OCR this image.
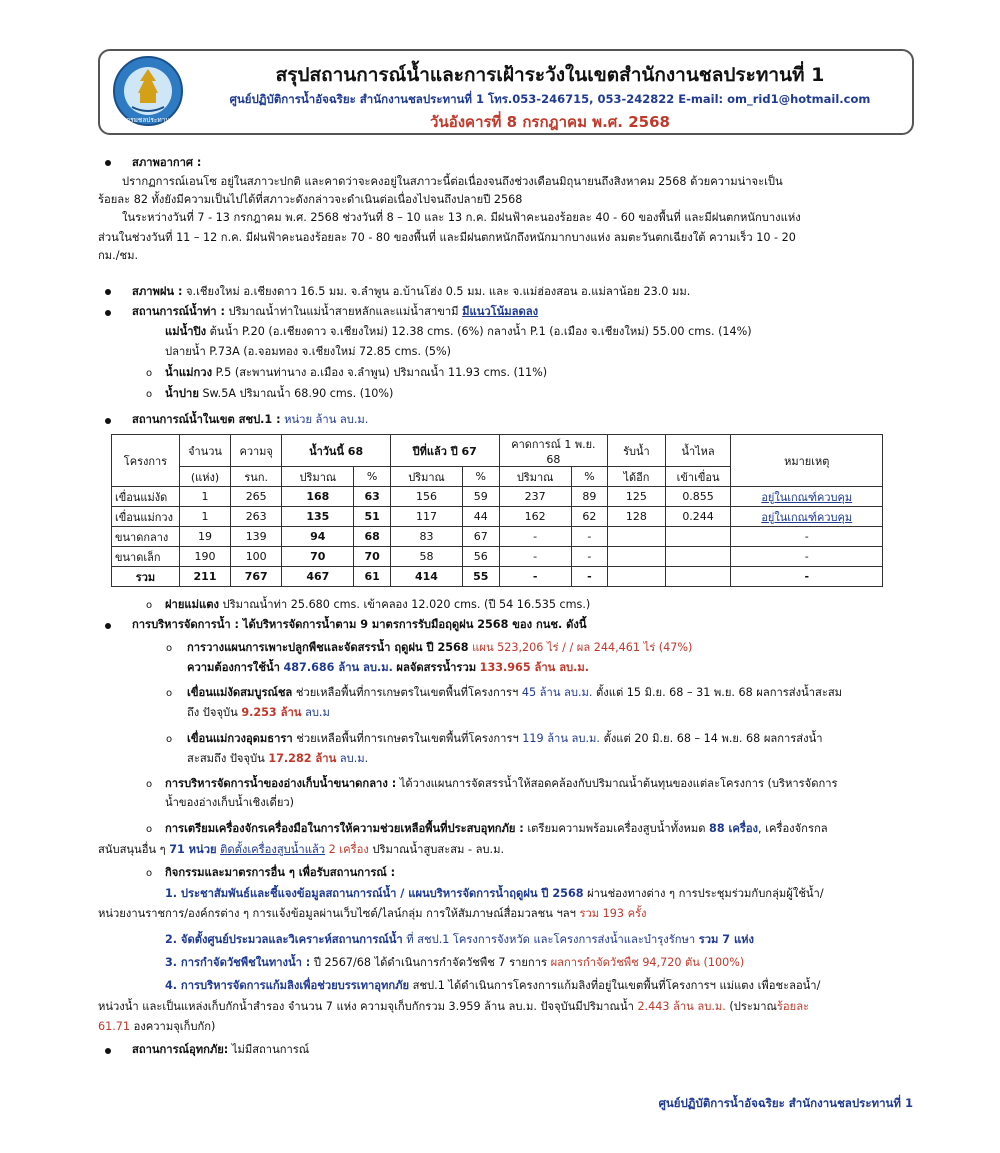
กรมชลประทาน
สรุปสถานการณ์น้ำและการเฝ้าระวังในเขตสำนักงานชลประทานที่ 1
ศูนย์ปฏิบัติการน้ำอัจฉริยะ สำนักงานชลประทานที่ 1 โทร.053-246715, 053-242822 E-mail: om_rid1@hotmail.com
วันอังคารที่ 8 กรกฎาคม พ.ศ. 2568
สภาพอากาศ :
ปรากฏการณ์เอนโซ อยู่ในสภาวะปกติ และคาดว่าจะคงอยู่ในสภาวะนี้ต่อเนื่องจนถึงช่วงเดือนมิถุนายนถึงสิงหาคม 2568 ด้วยความน่าจะเป็น
ร้อยละ 82 ทั้งยังมีความเป็นไปได้ที่สภาวะดังกล่าวจะดำเนินต่อเนื่องไปจนถึงปลายปี 2568
ในระหว่างวันที่ 7 - 13 กรกฎาคม พ.ศ. 2568 ช่วงวันที่ 8 – 10 และ 13 ก.ค. มีฝนฟ้าคะนองร้อยละ 40 - 60 ของพื้นที่ และมีฝนตกหนักบางแห่ง
ส่วนในช่วงวันที่ 11 – 12 ก.ค. มีฝนฟ้าคะนองร้อยละ 70 - 80 ของพื้นที่ และมีฝนตกหนักถึงหนักมากบางแห่ง ลมตะวันตกเฉียงใต้ ความเร็ว 10 - 20
กม./ชม.
สภาพฝน : จ.เชียงใหม่ อ.เชียงดาว 16.5 มม. จ.ลำพูน อ.บ้านโฮ่ง 0.5 มม. และ จ.แม่ฮ่องสอน อ.แม่ลาน้อย 23.0 มม.
สถานการณ์น้ำท่า : ปริมาณน้ำท่าในแม่น้ำสายหลักและแม่น้ำสาขามี มีแนวโน้มลดลง
แม่น้ำปิง ต้นน้ำ P.20 (อ.เชียงดาว จ.เชียงใหม่) 12.38 cms. (6%) กลางน้ำ P.1 (อ.เมือง จ.เชียงใหม่) 55.00 cms. (14%)
ปลายน้ำ P.73A (อ.จอมทอง จ.เชียงใหม่ 72.85 cms. (5%)
o น้ำแม่กวง P.5 (สะพานท่านาง อ.เมือง จ.ลำพูน) ปริมาณน้ำ 11.93 cms. (11%)
o น้ำปาย Sw.5A ปริมาณน้ำ 68.90 cms. (10%)
สถานการณ์น้ำในเขต สชป.1 : หน่วย ล้าน ลบ.ม.
โครงการ	จำนวน	ความจุ	น้ำวันนี้ 68		ปีที่แล้ว ปี 67		คาดการณ์ 1 พ.ย. 68		รับน้ำ	น้ำไหล	หมายเหตุ
	(แห่ง)	รนก.	ปริมาณ	%	ปริมาณ	%	ปริมาณ	%	ได้อีก	เข้าเขื่อน	
เขื่อนแม่งัด	1	265	168	63	156	59	237	89	125	0.855	อยู่ในเกณฑ์ควบคุม
เขื่อนแม่กวง	1	263	135	51	117	44	162	62	128	0.244	อยู่ในเกณฑ์ควบคุม
ขนาดกลาง	19	139	94	68	83	67	-	-			-
ขนาดเล็ก	190	100	70	70	58	56	-	-			-
รวม	211	767	467	61	414	55	-	-			-
o ฝายแม่แตง ปริมาณน้ำท่า 25.680 cms. เข้าคลอง 12.020 cms. (ปี 54 16.535 cms.)
การบริหารจัดการน้ำ : ได้บริหารจัดการน้ำตาม 9 มาตรการรับมือฤดูฝน 2568 ของ กนช. ดังนี้
o การวางแผนการเพาะปลูกพืชและจัดสรรน้ำ ฤดูฝน ปี 2568 แผน 523,206 ไร่ / / ผล 244,461 ไร่ (47%)
ความต้องการใช้น้ำ 487.686 ล้าน ลบ.ม. ผลจัดสรรน้ำรวม 133.965 ล้าน ลบ.ม.
o เขื่อนแม่งัดสมบูรณ์ชล ช่วยเหลือพื้นที่การเกษตรในเขตพื้นที่โครงการฯ 45 ล้าน ลบ.ม. ตั้งแต่ 15 มิ.ย. 68 – 31 พ.ย. 68 ผลการส่งน้ำสะสม
ถึง ปัจจุบัน 9.253 ล้าน ลบ.ม
o เขื่อนแม่กวงอุดมธารา ช่วยเหลือพื้นที่การเกษตรในเขตพื้นที่โครงการฯ 119 ล้าน ลบ.ม. ตั้งแต่ 20 มิ.ย. 68 – 14 พ.ย. 68 ผลการส่งน้ำ
สะสมถึง ปัจจุบัน 17.282 ล้าน ลบ.ม.
o การบริหารจัดการน้ำของอ่างเก็บน้ำขนาดกลาง : ได้วางแผนการจัดสรรน้ำให้สอดคล้องกับปริมาณน้ำต้นทุนของแต่ละโครงการ (บริหารจัดการ
น้ำของอ่างเก็บน้ำเชิงเดี่ยว)
o การเตรียมเครื่องจักรเครื่องมือในการให้ความช่วยเหลือพื้นที่ประสบอุทกภัย : เตรียมความพร้อมเครื่องสูบน้ำทั้งหมด 88 เครื่อง, เครื่องจักรกล
สนับสนุนอื่น ๆ 71 หน่วย ติดตั้งเครื่องสูบน้ำแล้ว 2 เครื่อง ปริมาณน้ำสูบสะสม - ลบ.ม.
o กิจกรรมและมาตรการอื่น ๆ เพื่อรับสถานการณ์ :
1. ประชาสัมพันธ์และชี้แจงข้อมูลสถานการณ์น้ำ / แผนบริหารจัดการน้ำฤดูฝน ปี 2568 ผ่านช่องทางต่าง ๆ การประชุมร่วมกับกลุ่มผู้ใช้น้ำ/
หน่วยงานราชการ/องค์กรต่าง ๆ การแจ้งข้อมูลผ่านเว็บไซต์/ไลน์กลุ่ม การให้สัมภาษณ์สื่อมวลชน ฯลฯ รวม 193 ครั้ง
2. จัดตั้งศูนย์ประมวลและวิเคราะห์สถานการณ์น้ำ ที่ สชป.1 โครงการจังหวัด และโครงการส่งน้ำและบำรุงรักษา รวม 7 แห่ง
3. การกำจัดวัชพืชในทางน้ำ : ปี 2567/68 ได้ดำเนินการกำจัดวัชพืช 7 รายการ ผลการกำจัดวัชพืช 94,720 ตัน (100%)
4. การบริหารจัดการแก้มลิงเพื่อช่วยบรรเทาอุทกภัย สชป.1 ได้ดำเนินการโครงการแก้มลิงที่อยู่ในเขตพื้นที่โครงการฯ แม่แตง เพื่อชะลอน้ำ/
หน่วงน้ำ และเป็นแหล่งเก็บกักน้ำสำรอง จำนวน 7 แห่ง ความจุเก็บกักรวม 3.959 ล้าน ลบ.ม. ปัจจุบันมีปริมาณน้ำ 2.443 ล้าน ลบ.ม. (ประมาณร้อยละ
61.71 องความจุเก็บกัก)
สถานการณ์อุทกภัย: ไม่มีสถานการณ์
ศูนย์ปฏิบัติการน้ำอัจฉริยะ สำนักงานชลประทานที่ 1
